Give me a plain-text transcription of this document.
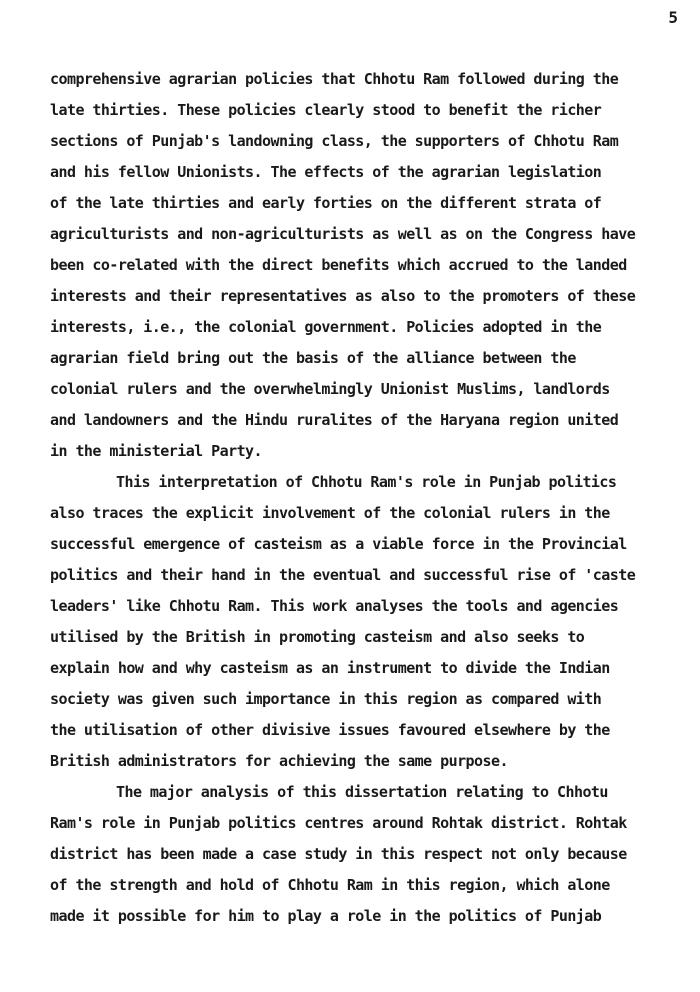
5
comprehensive agrarian policies that Chhotu Ram followed during the
late thirties. These policies clearly stood to benefit the richer
sections of Punjab's landowning class, the supporters of Chhotu Ram
and his fellow Unionists. The effects of the agrarian legislation
of the late thirties and early forties on the different strata of
agriculturists and non-agriculturists as well as on the Congress have
been co-related with the direct benefits which accrued to the landed
interests and their representatives as also to the promoters of these
interests, i.e., the colonial government. Policies adopted in the
agrarian field bring out the basis of the alliance between the
colonial rulers and the overwhelmingly Unionist Muslims, landlords
and landowners and the Hindu ruralites of the Haryana region united
in the ministerial Party.
This interpretation of Chhotu Ram's role in Punjab politics
also traces the explicit involvement of the colonial rulers in the
successful emergence of casteism as a viable force in the Provincial
politics and their hand in the eventual and successful rise of 'caste
leaders' like Chhotu Ram. This work analyses the tools and agencies
utilised by the British in promoting casteism and also seeks to
explain how and why casteism as an instrument to divide the Indian
society was given such importance in this region as compared with
the utilisation of other divisive issues favoured elsewhere by the
British administrators for achieving the same purpose.
The major analysis of this dissertation relating to Chhotu
Ram's role in Punjab politics centres around Rohtak district. Rohtak
district has been made a case study in this respect not only because
of the strength and hold of Chhotu Ram in this region, which alone
made it possible for him to play a role in the politics of Punjab
